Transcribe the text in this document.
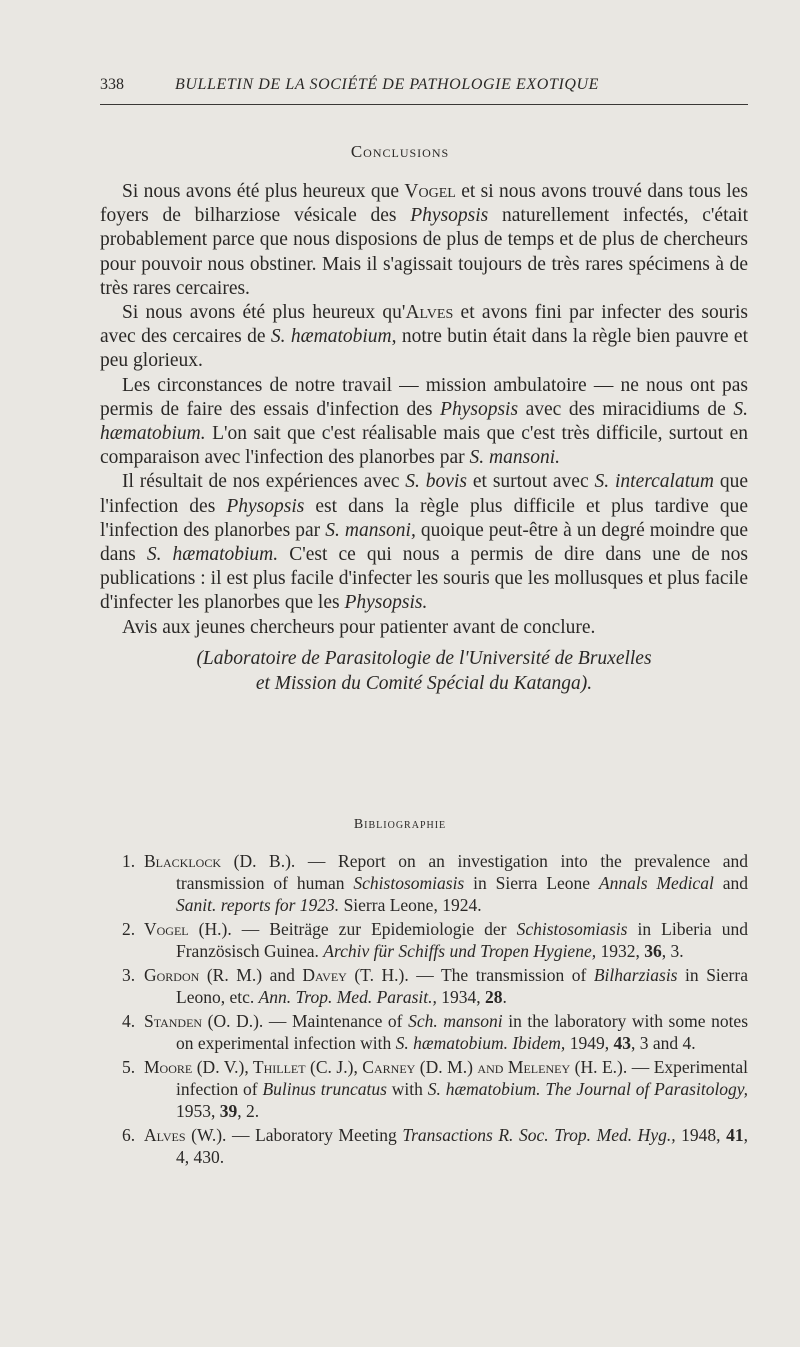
338	BULLETIN DE LA SOCIÉTÉ DE PATHOLOGIE EXOTIQUE
Conclusions

Si nous avons été plus heureux que Vogel et si nous avons trouvé dans tous les foyers de bilharziose vésicale des Physopsis naturellement infectés, c'était probablement parce que nous disposions de plus de temps et de plus de chercheurs pour pouvoir nous obstiner. Mais il s'agissait toujours de très rares spécimens à de très rares cercaires.

Si nous avons été plus heureux qu'Alves et avons fini par infecter des souris avec des cercaires de S. hæmatobium, notre butin était dans la règle bien pauvre et peu glorieux.

Les circonstances de notre travail — mission ambulatoire — ne nous ont pas permis de faire des essais d'infection des Physopsis avec des miracidiums de S. hæmatobium. L'on sait que c'est réalisable mais que c'est très difficile, surtout en comparaison avec l'infection des planorbes par S. mansoni.

Il résultait de nos expériences avec S. bovis et surtout avec S. intercalatum que l'infection des Physopsis est dans la règle plus difficile et plus tardive que l'infection des planorbes par S. mansoni, quoique peut-être à un degré moindre que dans S. hæmatobium. C'est ce qui nous a permis de dire dans une de nos publications : il est plus facile d'infecter les souris que les mollusques et plus facile d'infecter les planorbes que les Physopsis.

Avis aux jeunes chercheurs pour patienter avant de conclure.

(Laboratoire de Parasitologie de l'Université de Bruxelles
et Mission du Comité Spécial du Katanga).

Bibliographie

1. Blacklock (D. B.). — Report on an investigation into the prevalence and transmission of human Schistosomiasis in Sierra Leone Annals Medical and Sanit. reports for 1923. Sierra Leone, 1924.

2. Vogel (H.). — Beiträge zur Epidemiologie der Schistosomiasis in Liberia und Französisch Guinea. Archiv für Schiffs und Tropen Hygiene, 1932, 36, 3.

3. Gordon (R. M.) and Davey (T. H.). — The transmission of Bilharziasis in Sierra Leono, etc. Ann. Trop. Med. Parasit., 1934, 28.

4. Standen (O. D.). — Maintenance of Sch. mansoni in the laboratory with some notes on experimental infection with S. hæmatobium. Ibidem, 1949, 43, 3 and 4.

5. Moore (D. V.), Thillet (C. J.), Carney (D. M.) and Meleney (H. E.). — Experimental infection of Bulinus truncatus with S. hæmatobium. The Journal of Parasitology, 1953, 39, 2.

6. Alves (W.). — Laboratory Meeting Transactions R. Soc. Trop. Med. Hyg., 1948, 41, 4, 430.
